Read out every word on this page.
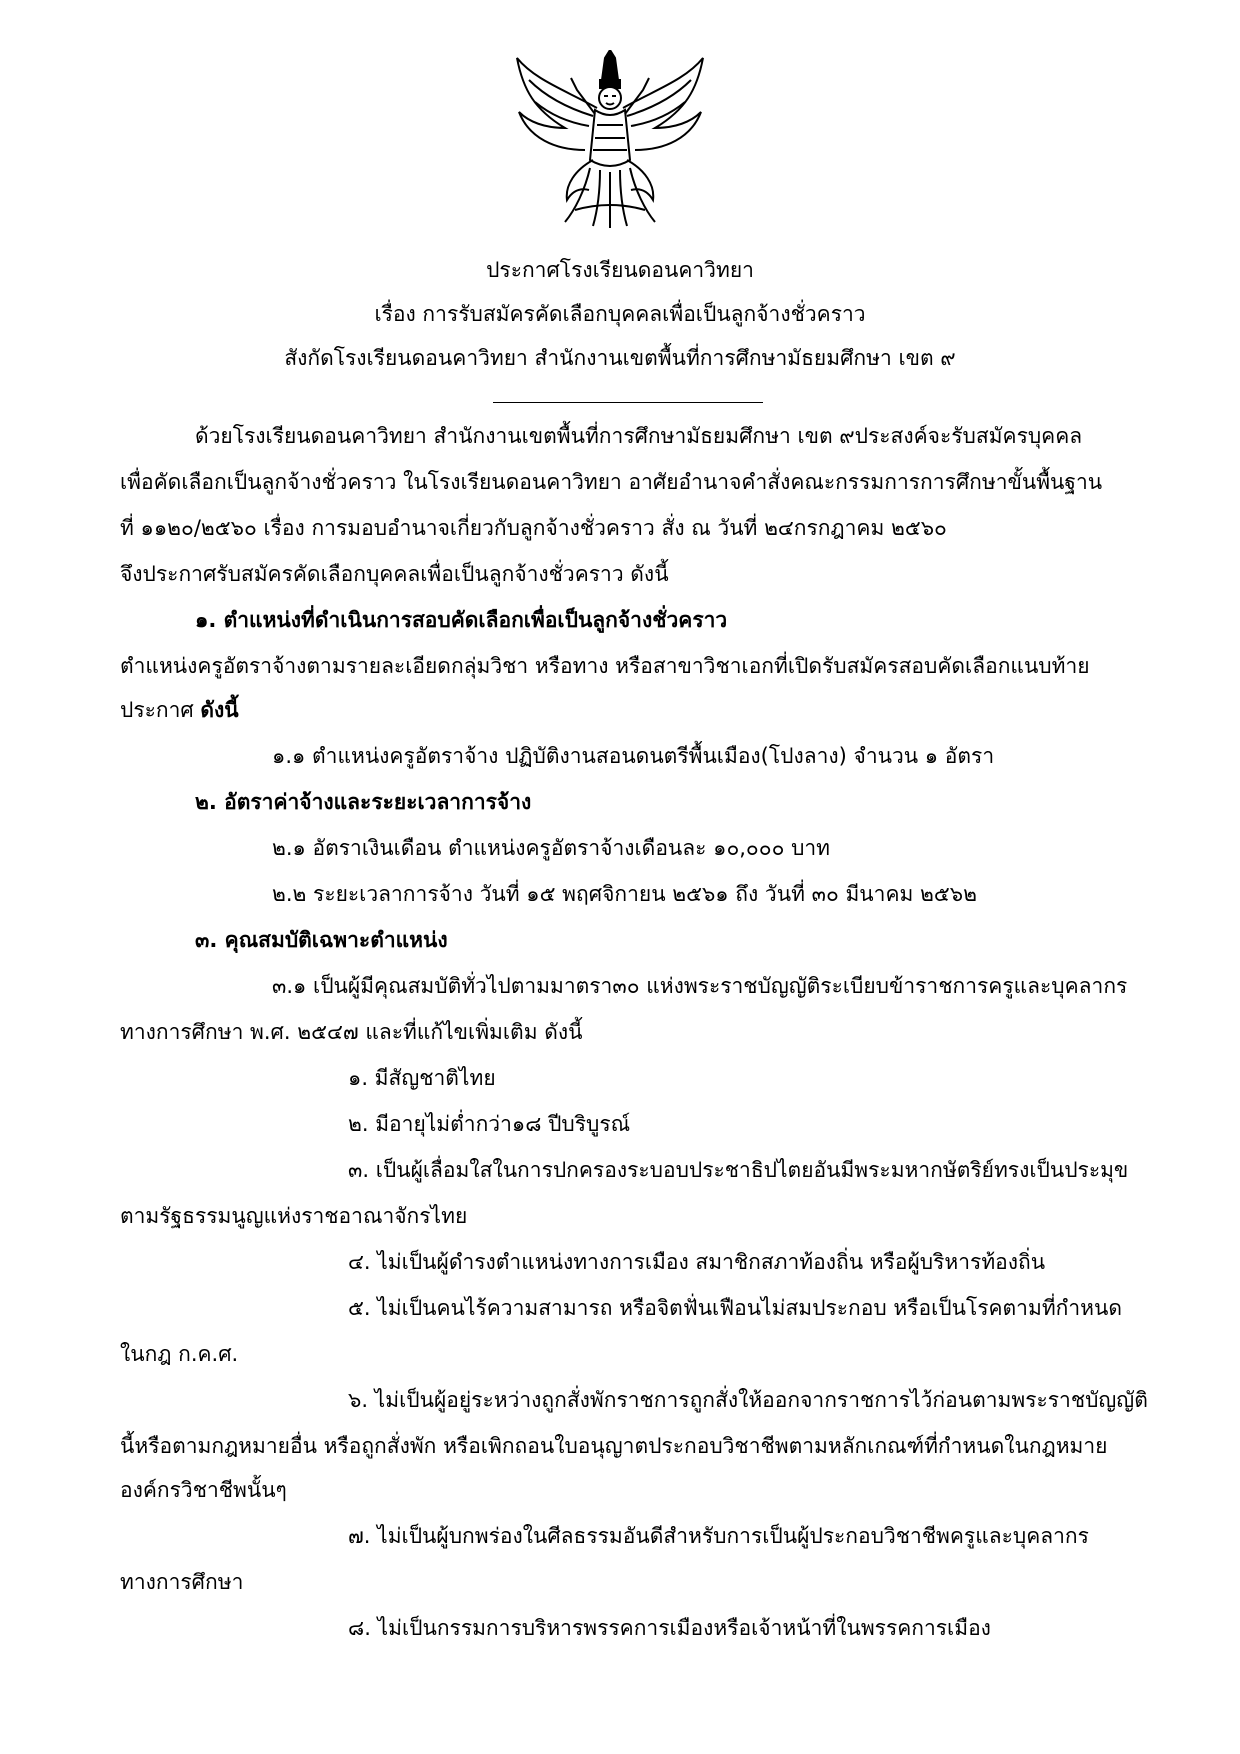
ประกาศโรงเรียนดอนคาวิทยา
เรื่อง การรับสมัครคัดเลือกบุคคลเพื่อเป็นลูกจ้างชั่วคราว
สังกัดโรงเรียนดอนคาวิทยา สำนักงานเขตพื้นที่การศึกษามัธยมศึกษา เขต ๙
ด้วยโรงเรียนดอนคาวิทยา สำนักงานเขตพื้นที่การศึกษามัธยมศึกษา เขต ๙ประสงค์จะรับสมัครบุคคล
เพื่อคัดเลือกเป็นลูกจ้างชั่วคราว ในโรงเรียนดอนคาวิทยา อาศัยอำนาจคำสั่งคณะกรรมการการศึกษาขั้นพื้นฐาน
ที่ ๑๑๒๐/๒๕๖๐ เรื่อง การมอบอำนาจเกี่ยวกับลูกจ้างชั่วคราว สั่ง ณ วันที่ ๒๔กรกฎาคม ๒๕๖๐
จึงประกาศรับสมัครคัดเลือกบุคคลเพื่อเป็นลูกจ้างชั่วคราว ดังนี้
๑. ตำแหน่งที่ดำเนินการสอบคัดเลือกเพื่อเป็นลูกจ้างชั่วคราว
ตำแหน่งครูอัตราจ้างตามรายละเอียดกลุ่มวิชา หรือทาง หรือสาขาวิชาเอกที่เปิดรับสมัครสอบคัดเลือกแนบท้าย
ประกาศ ดังนี้
๑.๑ ตำแหน่งครูอัตราจ้าง ปฏิบัติงานสอนดนตรีพื้นเมือง(โปงลาง) จำนวน ๑ อัตรา
๒. อัตราค่าจ้างและระยะเวลาการจ้าง
๒.๑ อัตราเงินเดือน ตำแหน่งครูอัตราจ้างเดือนละ ๑๐,๐๐๐ บาท
๒.๒ ระยะเวลาการจ้าง วันที่ ๑๕ พฤศจิกายน ๒๕๖๑ ถึง วันที่ ๓๐ มีนาคม ๒๕๖๒
๓. คุณสมบัติเฉพาะตำแหน่ง
๓.๑ เป็นผู้มีคุณสมบัติทั่วไปตามมาตรา๓๐ แห่งพระราชบัญญัติระเบียบข้าราชการครูและบุคลากร
ทางการศึกษา พ.ศ. ๒๕๔๗ และที่แก้ไขเพิ่มเติม ดังนี้
๑. มีสัญชาติไทย
๒. มีอายุไม่ต่ำกว่า๑๘ ปีบริบูรณ์
๓. เป็นผู้เลื่อมใสในการปกครองระบอบประชาธิปไตยอันมีพระมหากษัตริย์ทรงเป็นประมุข
ตามรัฐธรรมนูญแห่งราชอาณาจักรไทย
๔. ไม่เป็นผู้ดำรงตำแหน่งทางการเมือง สมาชิกสภาท้องถิ่น หรือผู้บริหารท้องถิ่น
๕. ไม่เป็นคนไร้ความสามารถ หรือจิตฟั่นเฟือนไม่สมประกอบ หรือเป็นโรคตามที่กำหนด
ในกฎ ก.ค.ศ.
๖. ไม่เป็นผู้อยู่ระหว่างถูกสั่งพักราชการถูกสั่งให้ออกจากราชการไว้ก่อนตามพระราชบัญญัติ
นี้หรือตามกฎหมายอื่น หรือถูกสั่งพัก หรือเพิกถอนใบอนุญาตประกอบวิชาชีพตามหลักเกณฑ์ที่กำหนดในกฎหมาย
องค์กรวิชาชีพนั้นๆ
๗. ไม่เป็นผู้บกพร่องในศีลธรรมอันดีสำหรับการเป็นผู้ประกอบวิชาชีพครูและบุคลากร
ทางการศึกษา
๘. ไม่เป็นกรรมการบริหารพรรคการเมืองหรือเจ้าหน้าที่ในพรรคการเมือง
